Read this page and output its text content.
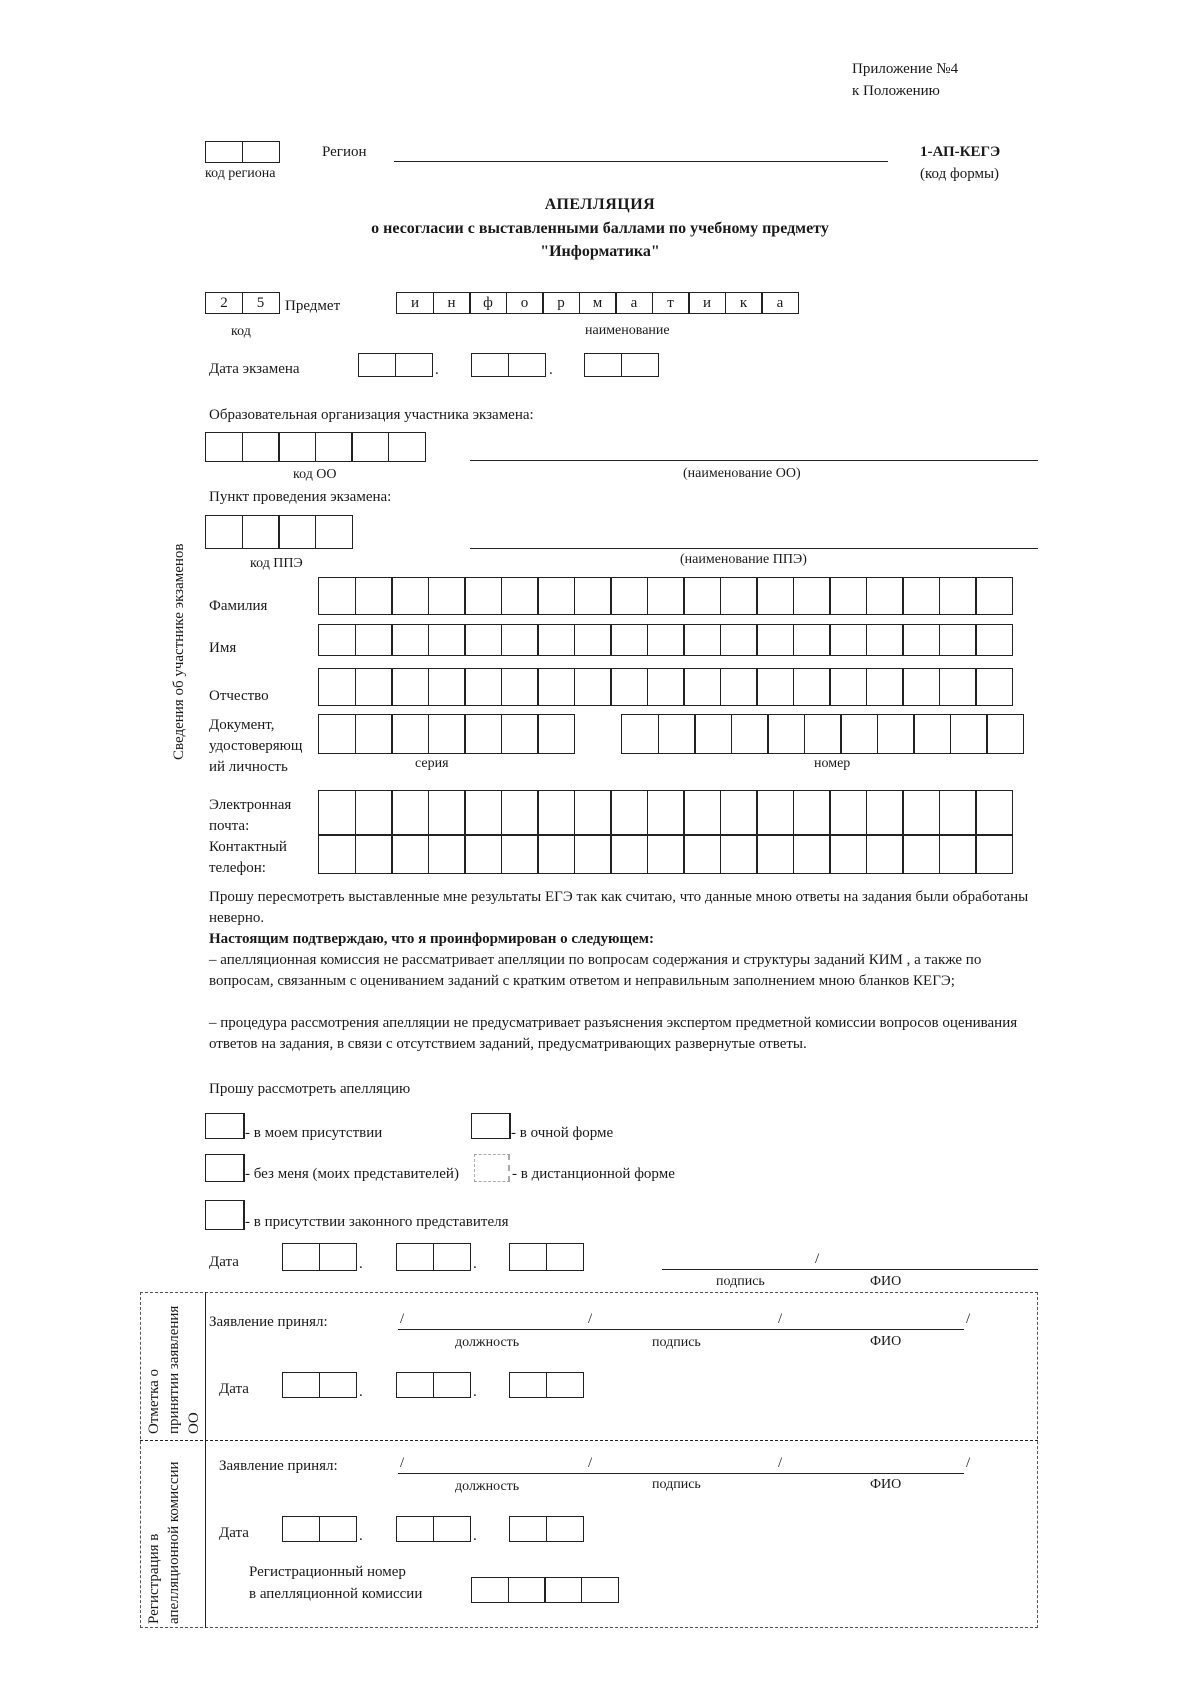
Приложение №4
к Положению
код региона
Регион	1-АП-КЕГЭ
(код формы)
АПЕЛЛЯЦИЯ
о несогласии с выставленными баллами по учебному предмету
"Информатика"
2	5	Предмет	и	н	ф	о	р	м	а	т	и	к	а
код	наименование
Дата экзамена	.	.
Образовательная организация участника экзамена:
код ОО	(наименование ОО)
Пункт проведения экзамена:
код ППЭ	(наименование ППЭ)
Сведения об участнике экзаменов Фамилия
Имя
Отчество
Документ,
удостоверяющ
ий личность	серия	номер
Электронная
почта:
Контактный
телефон:
Прошу пересмотреть выставленные мне результаты ЕГЭ так как считаю, что данные мною ответы на задания были обработаны неверно.
Настоящим подтверждаю, что я проинформирован о следующем:
– апелляционная комиссия не рассматривает апелляции по вопросам содержания и структуры заданий КИМ , а также по вопросам, связанным с оцениванием заданий с кратким ответом и неправильным заполнением мною бланков КЕГЭ;
– процедура рассмотрения апелляции не предусматривает разъяснения экспертом предметной комиссии вопросов оценивания ответов на задания, в связи с отсутствием заданий, предусматривающих развернутые ответы.
Прошу рассмотреть апелляцию
- в моем присутствии	- в очной форме
- без меня (моих представителей)	- в дистанционной форме
- в присутствии законного представителя
Дата	.	.	/
подпись	ФИО
Отметка о принятии заявления ОО
Заявление принял:	/	/	/	/
должность	подпись	ФИО
Дата	.	.
Регистрация в апелляционной комиссии Заявление принял:	/	/	/	/
должность	подпись	ФИО
Дата	.	.
Регистрационный номер
в апелляционной комиссии
